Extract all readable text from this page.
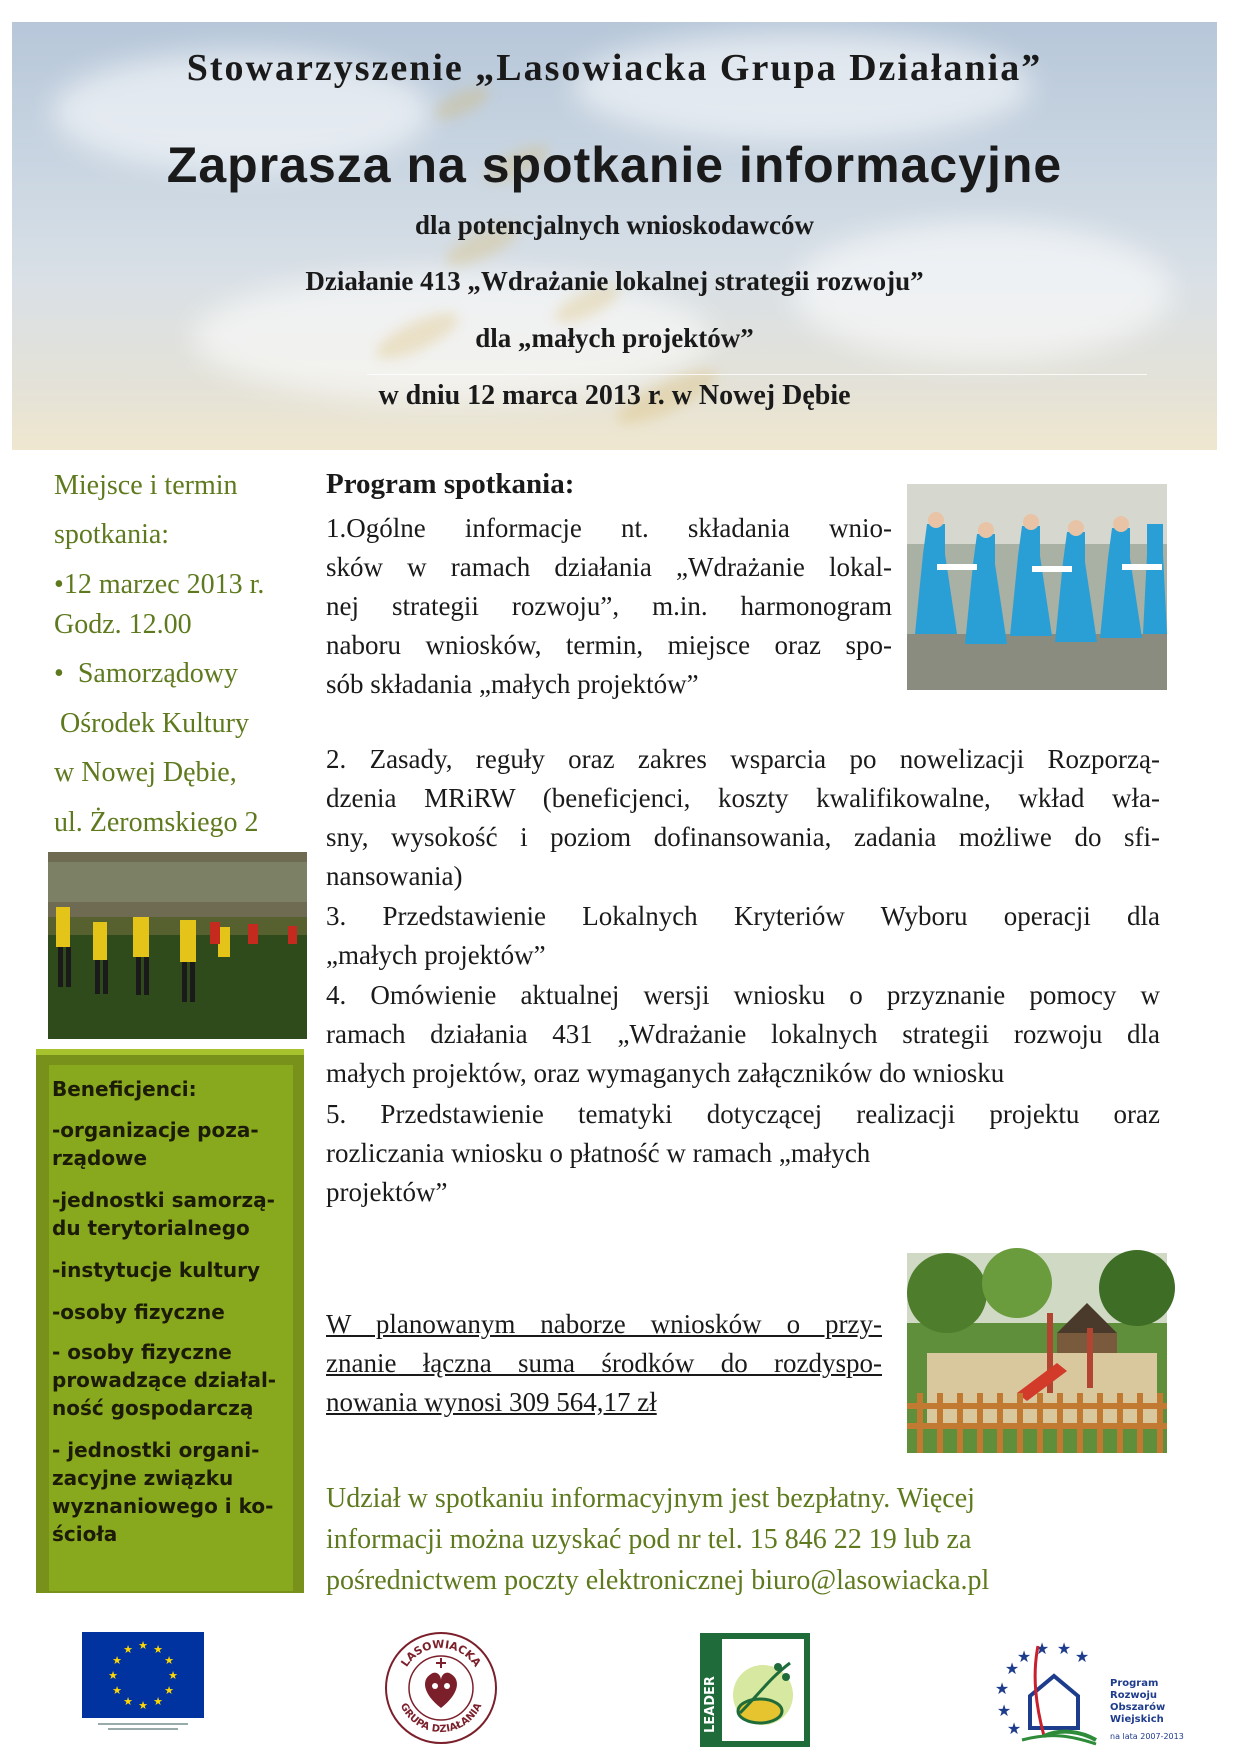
Stowarzyszenie „Lasowiacka Grupa Działania”
Zaprasza na spotkanie informacyjne
dla potencjalnych wnioskodawców
Działanie 413 „Wdrażanie lokalnej strategii rozwoju”
dla „małych projektów”
w dniu 12 marca 2013 r. w Nowej Dębie
Miejsce i termin
spotkania:
•12 marzec 2013 r.
Godz. 12.00
•  Samorządowy
Ośrodek Kultury
w Nowej Dębie,
ul. Żeromskiego 2
Beneficjenci:
-organizacje poza-
rządowe
-jednostki samorzą-
du terytorialnego
-instytucje kultury
-osoby fizyczne
- osoby fizyczne
prowadzące działal-
ność gospodarczą
- jednostki organi-
zacyjne związku
wyznaniowego i ko-
ścioła
Program spotkania:
1.Ogólne informacje nt. składania wnio-
sków w ramach działania „Wdrażanie lokal-
nej strategii rozwoju”, m.in. harmonogram
naboru wniosków, termin, miejsce oraz spo-
sób składania „małych projektów”
2. Zasady, reguły oraz zakres wsparcia po nowelizacji Rozporzą-
dzenia MRiRW (beneficjenci, koszty kwalifikowalne, wkład wła-
sny, wysokość i poziom dofinansowania, zadania możliwe do sfi-
nansowania)
3. Przedstawienie Lokalnych Kryteriów Wyboru operacji dla
„małych projektów”
4. Omówienie aktualnej wersji wniosku o przyznanie pomocy w
ramach działania 431 „Wdrażanie lokalnych strategii rozwoju dla
małych projektów, oraz wymaganych załączników do wniosku
5. Przedstawienie tematyki dotyczącej realizacji projektu oraz
rozliczania wniosku o płatność w ramach „małych
projektów”
W planowanym naborze wniosków o przy-
znanie łączna suma środków do rozdyspo-
nowania wynosi 309 564,17 zł
Udział w spotkaniu informacyjnym jest bezpłatny. Więcej
informacji można uzyskać pod nr tel. 15 846 22 19 lub za
pośrednictwem poczty elektronicznej biuro@lasowiacka.pl
★ ★
★
★
★
★
★
★
★
★
★
★
LASOWIACKA
GRUPA DZIAŁANIA	LEADER
★
★ ★ ★ ★
★
★
★
Program
Rozwoju
Obszarów
Wiejskich
na lata 2007-2013
